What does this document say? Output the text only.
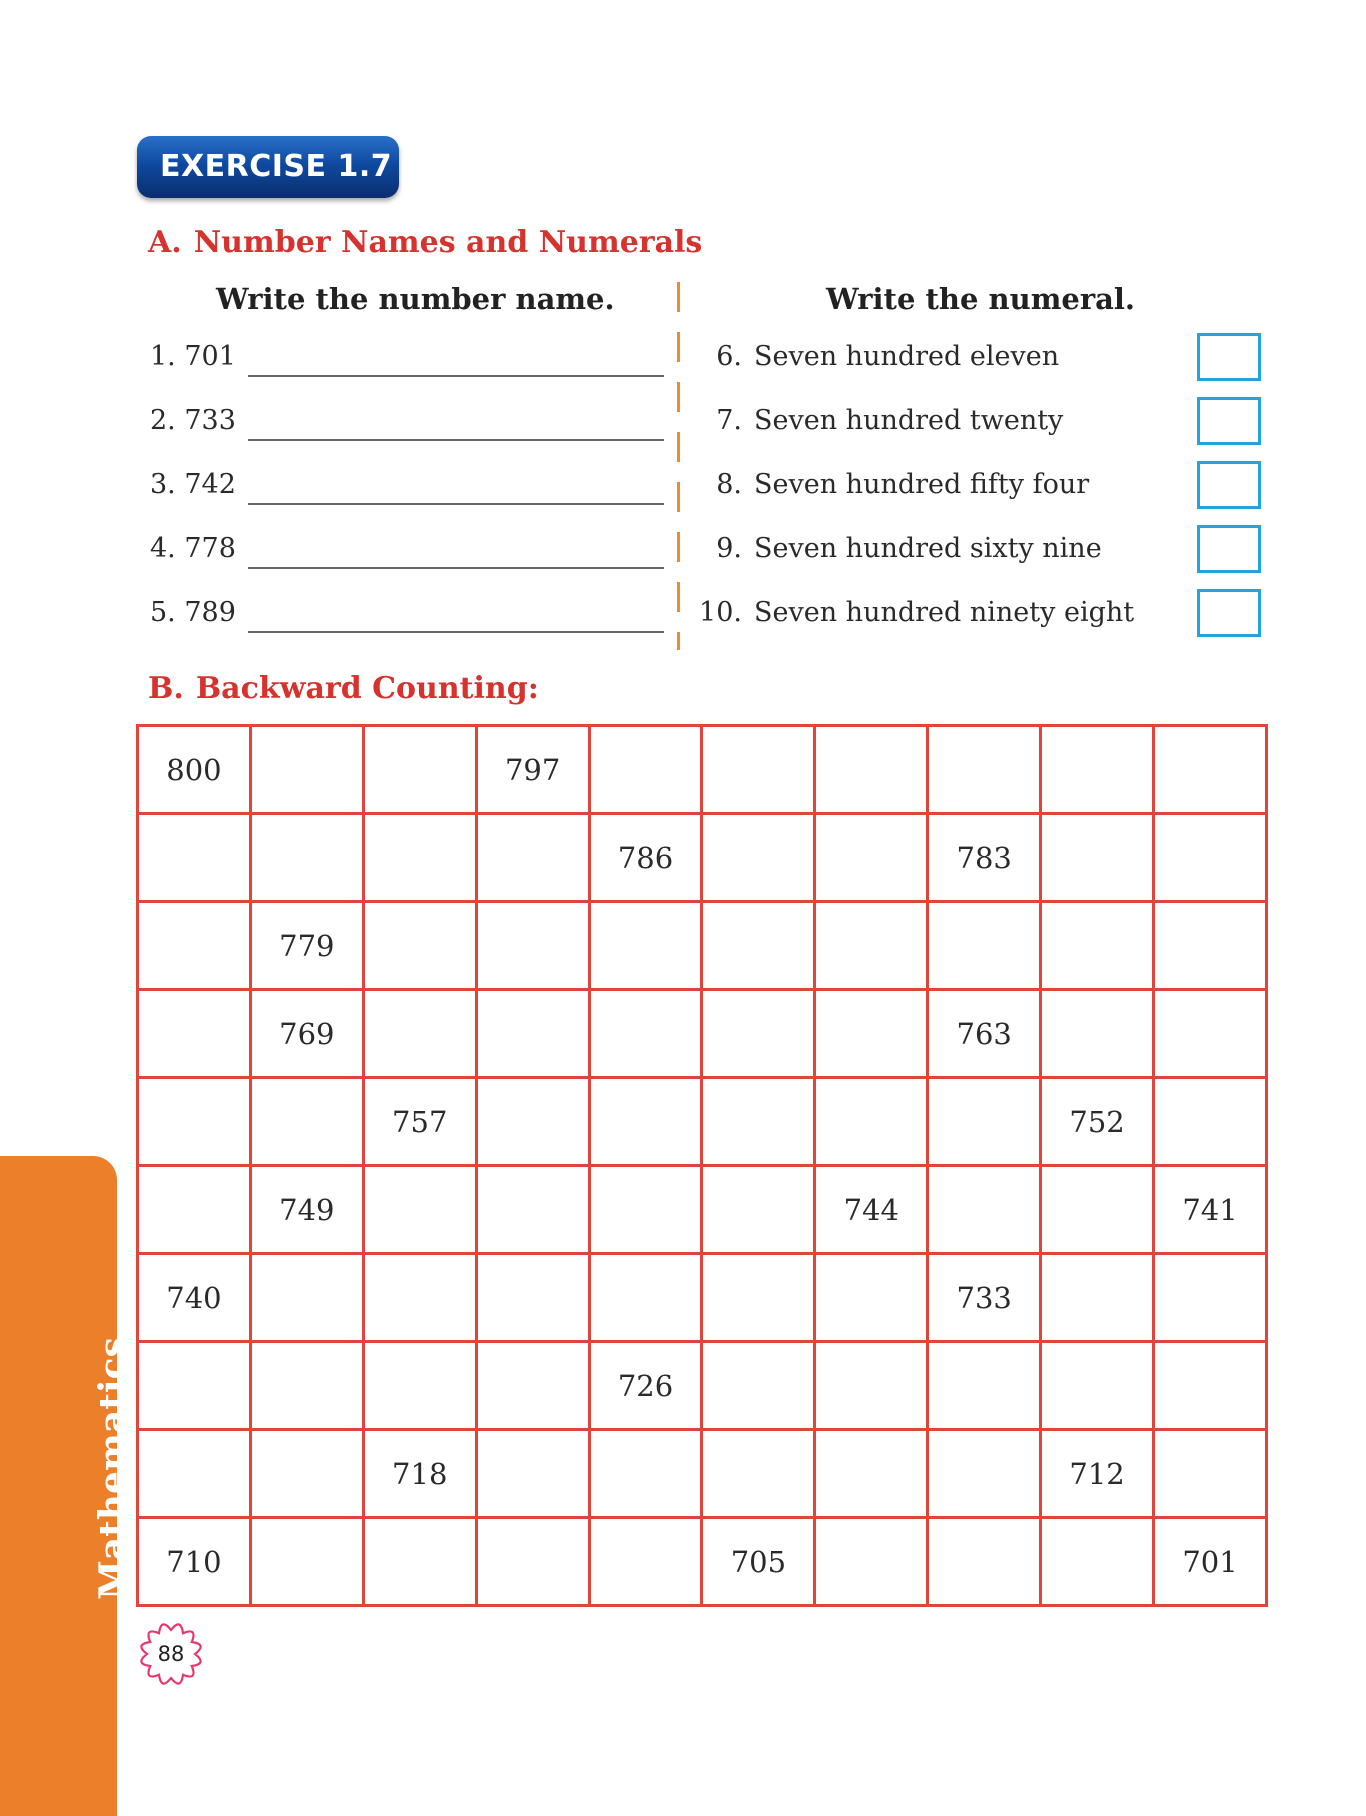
EXERCISE 1.7
A. Number Names and Numerals
Write the number name.	Write the numeral.
1. 701
2. 733
3. 742
4. 778
5. 789
6. Seven hundred eleven
7. Seven hundred twenty
8. Seven hundred fifty four
9. Seven hundred sixty nine
10. Seven hundred ninety eight
B. Backward Counting:
800			797						
				786			783		
	779								
	769						763		
		757						752	
	749					744			741
740							733		
				726					
		718						712	
710					705				701
Mathematics
88
